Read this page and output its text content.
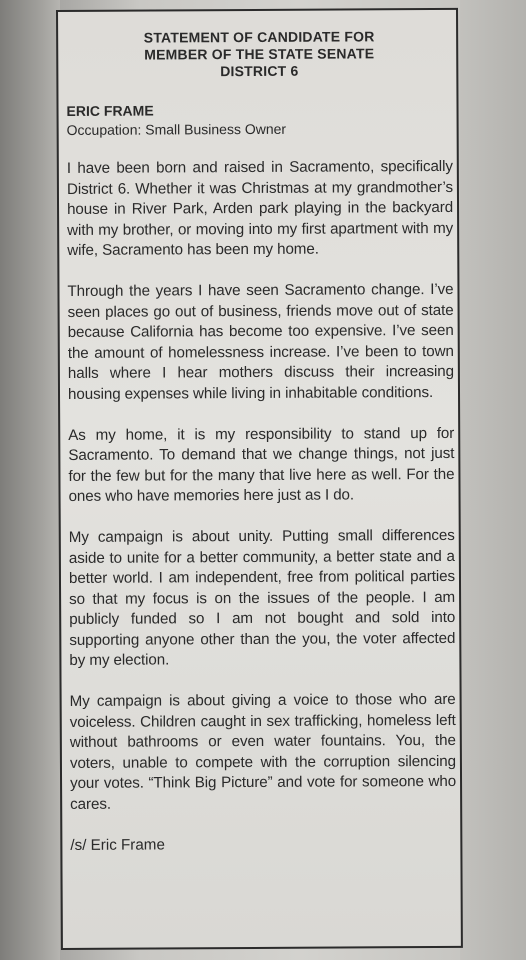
STATEMENT OF CANDIDATE FOR
MEMBER OF THE STATE SENATE
DISTRICT 6
ERIC FRAME
Occupation: Small Business Owner

I have been born and raised in Sacramento, specifically District 6. Whether it was Christmas at my grandmother’s house in River Park, Arden park playing in the backyard with my brother, or moving into my first apartment with my wife, Sacramento has been my home.

Through the years I have seen Sacramento change. I’ve seen places go out of business, friends move out of state because California has become too expensive. I’ve seen the amount of homelessness increase. I’ve been to town halls where I hear mothers discuss their increasing housing expenses while living in inhabitable conditions.

As my home, it is my responsibility to stand up for Sacramento. To demand that we change things, not just for the few but for the many that live here as well. For the ones who have memories here just as I do.

My campaign is about unity. Putting small differences aside to unite for a better community, a better state and a better world. I am independent, free from political parties so that my focus is on the issues of the people. I am publicly funded so I am not bought and sold into supporting anyone other than the you, the voter affected by my election.

My campaign is about giving a voice to those who are voiceless. Children caught in sex trafficking, homeless left without bathrooms or even water fountains. You, the voters, unable to compete with the corruption silencing your votes. “Think Big Picture” and vote for someone who cares.

/s/ Eric Frame
